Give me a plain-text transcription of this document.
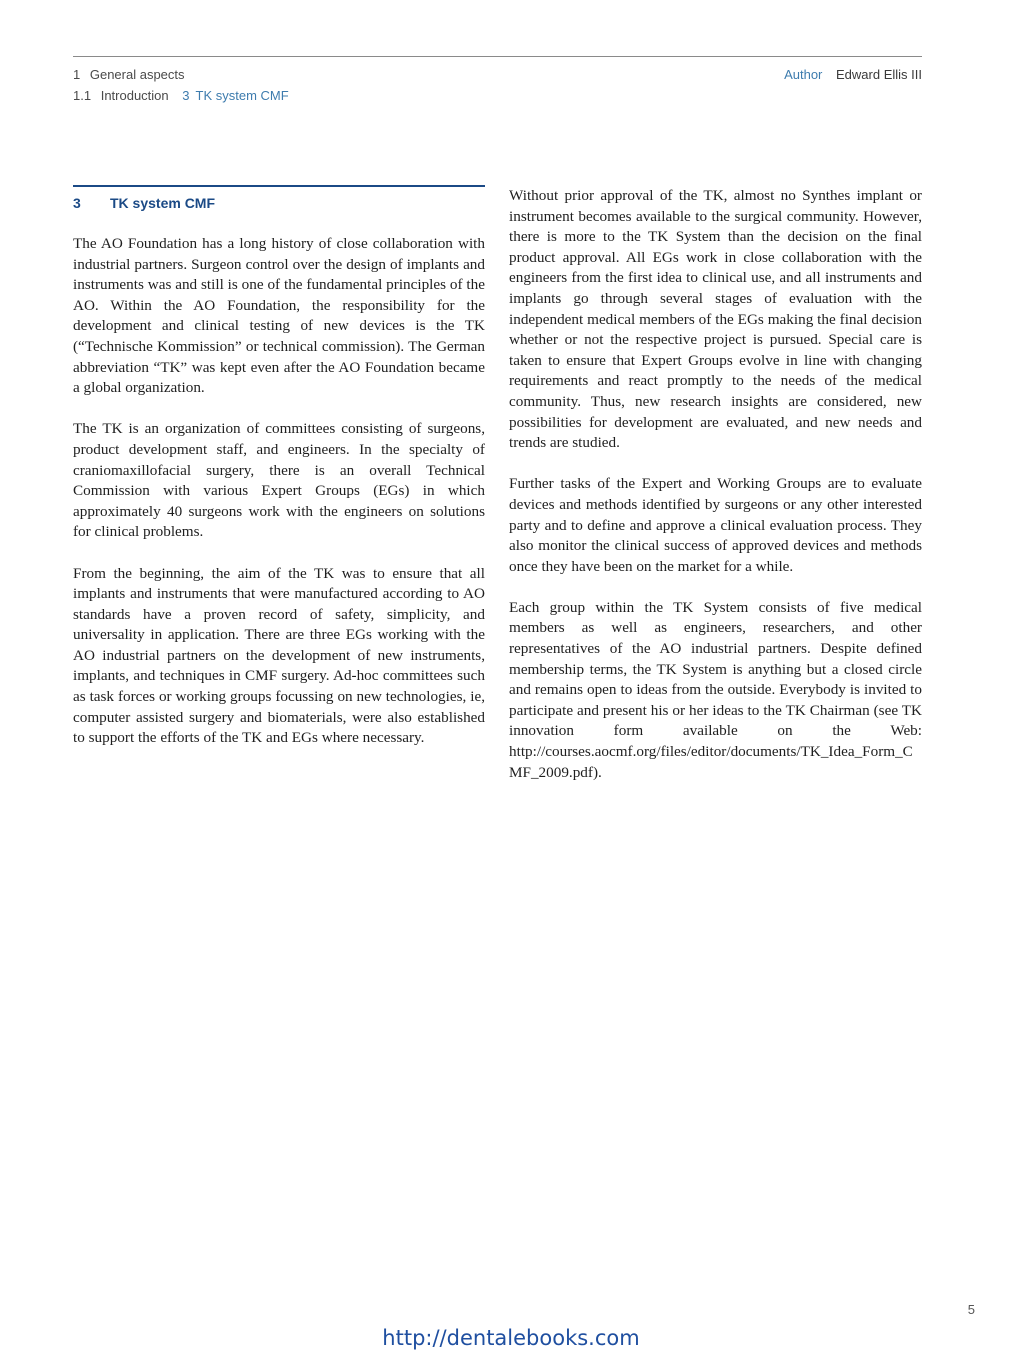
1 General aspects
1.1 Introduction 3 TK system CMF
Author Edward Ellis III
3 TK system CMF

The AO Foundation has a long history of close collaboration with industrial partners. Surgeon control over the design of implants and instruments was and still is one of the fundamental principles of the AO. Within the AO Foundation, the responsibility for the development and clinical testing of new devices is the TK (“Technische Kommission” or technical commission). The German abbreviation “TK” was kept even after the AO Foundation became a global organization.

The TK is an organization of committees consisting of surgeons, product development staff, and engineers. In the specialty of craniomaxillofacial surgery, there is an overall Technical Commission with various Expert Groups (EGs) in which approximately 40 surgeons work with the engineers on solutions for clinical problems.

From the beginning, the aim of the TK was to ensure that all implants and instruments that were manufactured according to AO standards have a proven record of safety, simplicity, and universality in application. There are three EGs working with the AO industrial partners on the development of new instruments, implants, and techniques in CMF surgery. Ad-hoc committees such as task forces or working groups focussing on new technologies, ie, computer assisted surgery and biomaterials, were also established to support the efforts of the TK and EGs where necessary.

Without prior approval of the TK, almost no Synthes implant or instrument becomes available to the surgical community. However, there is more to the TK System than the decision on the final product approval. All EGs work in close collaboration with the engineers from the first idea to clinical use, and all instruments and implants go through several stages of evaluation with the independent medical members of the EGs making the final decision whether or not the respective project is pursued. Special care is taken to ensure that Expert Groups evolve in line with changing requirements and react promptly to the needs of the medical community. Thus, new research insights are considered, new possibilities for development are evaluated, and new needs and trends are studied.

Further tasks of the Expert and Working Groups are to evaluate devices and methods identified by surgeons or any other interested party and to define and approve a clinical evaluation process. They also monitor the clinical success of approved devices and methods once they have been on the market for a while.

Each group within the TK System consists of five medical members as well as engineers, researchers, and other representatives of the AO industrial partners. Despite defined membership terms, the TK System is anything but a closed circle and remains open to ideas from the outside. Everybody is invited to participate and present his or her ideas to the TK Chairman (see TK innovation form available on the Web: http://courses.aocmf.org/files/editor/documents/TK_Idea_Form_CMF_2009.pdf).

5
http://dentalebooks.com
